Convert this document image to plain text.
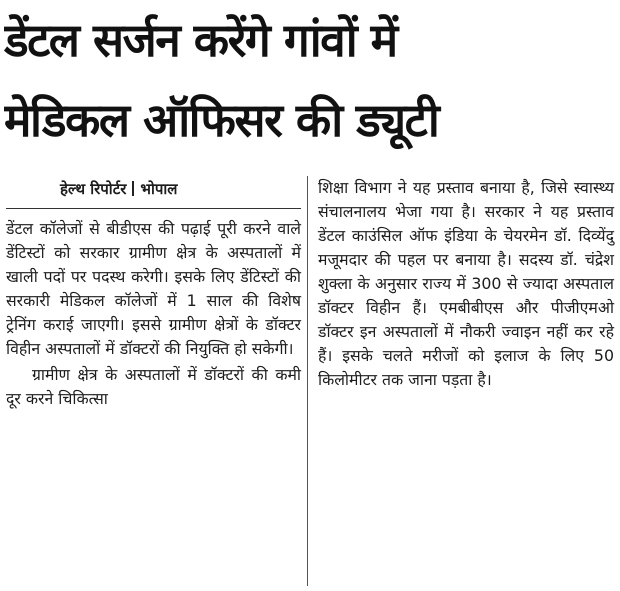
डेंटल सर्जन करेंगे गांवों में
मेडिकल ऑफिसर की ड्यूटी
हेल्थ रिपोर्टर भोपाल

डेंटल कॉलेजों से बीडीएस की पढ़ाई पूरी करने वाले डेंटिस्टों को सरकार ग्रामीण क्षेत्र के अस्पतालों में खाली पदों पर पदस्थ करेगी। इसके लिए डेंटिस्टों की सरकारी मेडिकल कॉलेजों में 1 साल की विशेष ट्रेनिंग कराई जाएगी। इससे ग्रामीण क्षेत्रों के डॉक्टर विहीन अस्पतालों में डॉक्टरों की नियुक्ति हो सकेगी।

ग्रामीण क्षेत्र के अस्पतालों में डॉक्टरों की कमी दूर करने चिकित्सा

शिक्षा विभाग ने यह प्रस्ताव बनाया है, जिसे स्वास्थ्य संचालनालय भेजा गया है। सरकार ने यह प्रस्ताव डेंटल काउंसिल ऑफ इंडिया के चेयरमेन डॉ. दिव्येंदु मजूमदार की पहल पर बनाया है। सदस्य डॉ. चंद्रेश शुक्ला के अनुसार राज्य में 300 से ज्यादा अस्पताल डॉक्टर विहीन हैं। एमबीबीएस और पीजीएमओ डॉक्टर इन अस्पतालों में नौकरी ज्वाइन नहीं कर रहे हैं। इसके चलते मरीजों को इलाज के लिए 50 किलोमीटर तक जाना पड़ता है।
